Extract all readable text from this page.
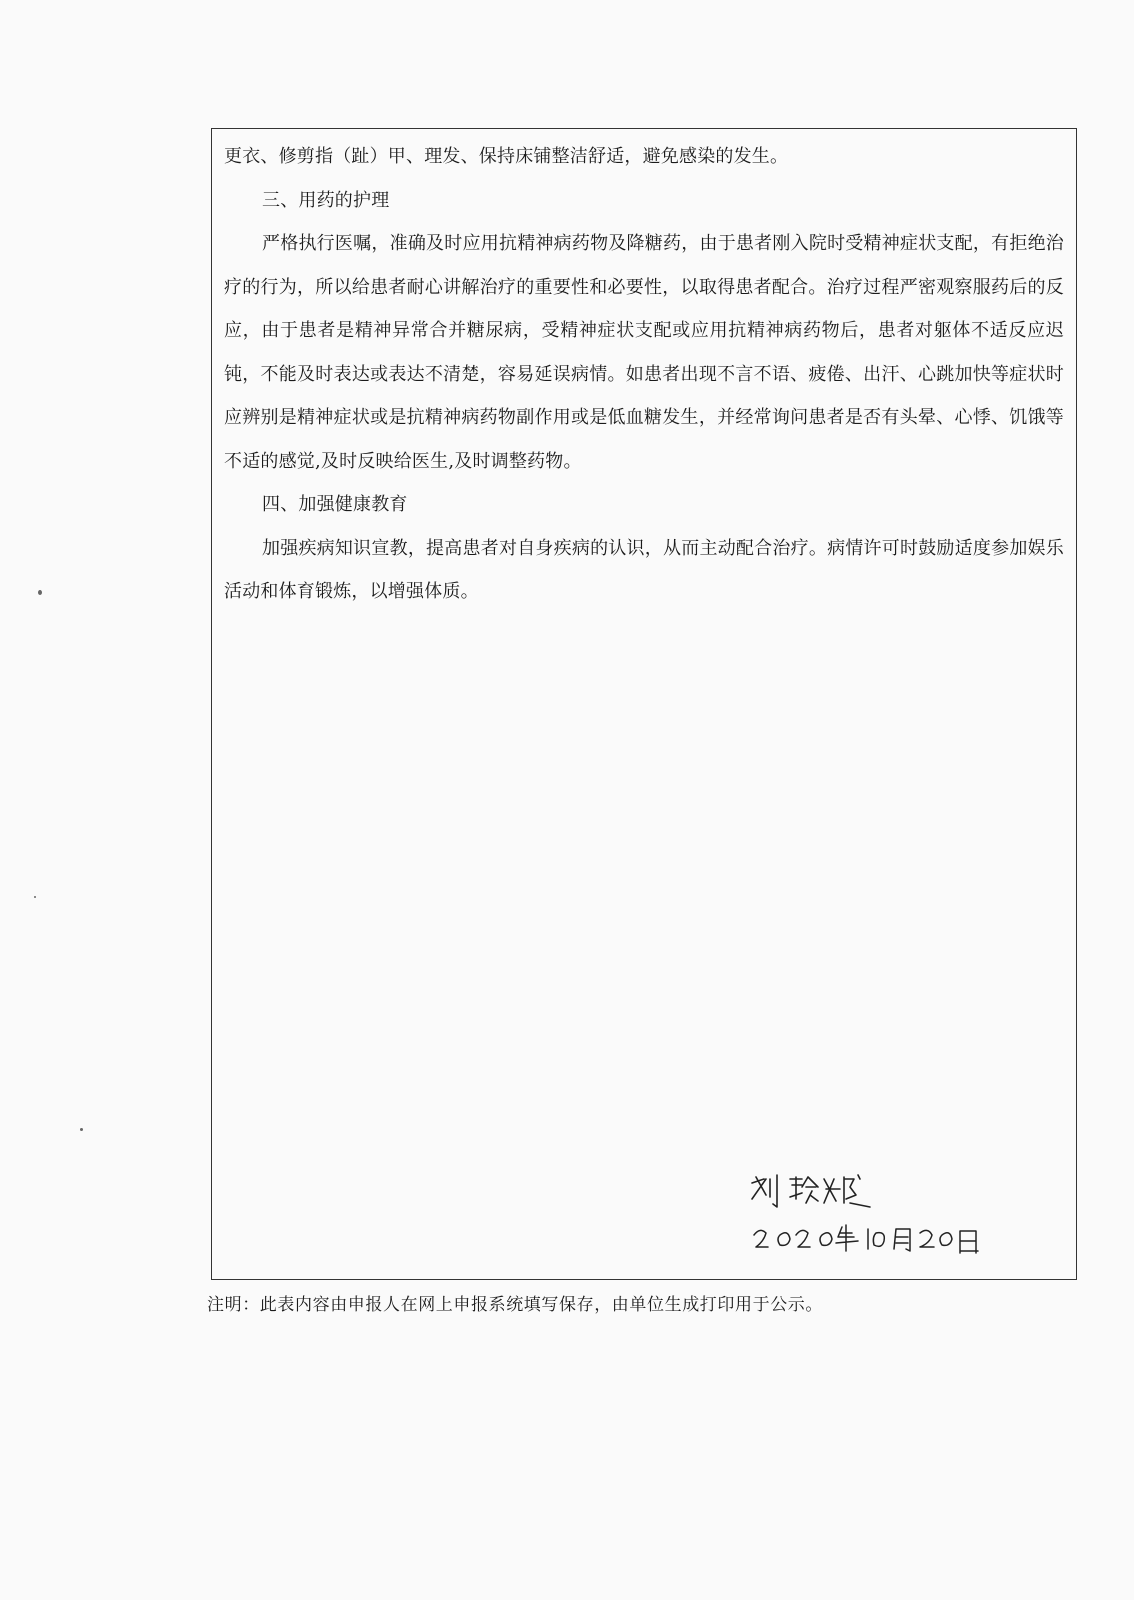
更衣、修剪指（趾）甲、理发、保持床铺整洁舒适，避免感染的发生。

三、用药的护理

严格执行医嘱，准确及时应用抗精神病药物及降糖药，由于患者刚入院时受精神症状支配，有拒绝治疗的行为，所以给患者耐心讲解治疗的重要性和必要性，以取得患者配合。治疗过程严密观察服药后的反应，由于患者是精神异常合并糖尿病，受精神症状支配或应用抗精神病药物后，患者对躯体不适反应迟钝，不能及时表达或表达不清楚，容易延误病情。如患者出现不言不语、疲倦、出汗、心跳加快等症状时应辨别是精神症状或是抗精神病药物副作用或是低血糖发生，并经常询问患者是否有头晕、心悸、饥饿等不适的感觉,及时反映给医生,及时调整药物。

四、加强健康教育

加强疾病知识宣教，提高患者对自身疾病的认识，从而主动配合治疗。病情许可时鼓励适度参加娱乐活动和体育锻炼，以增强体质。

注明：此表内容由申报人在网上申报系统填写保存，由单位生成打印用于公示。
